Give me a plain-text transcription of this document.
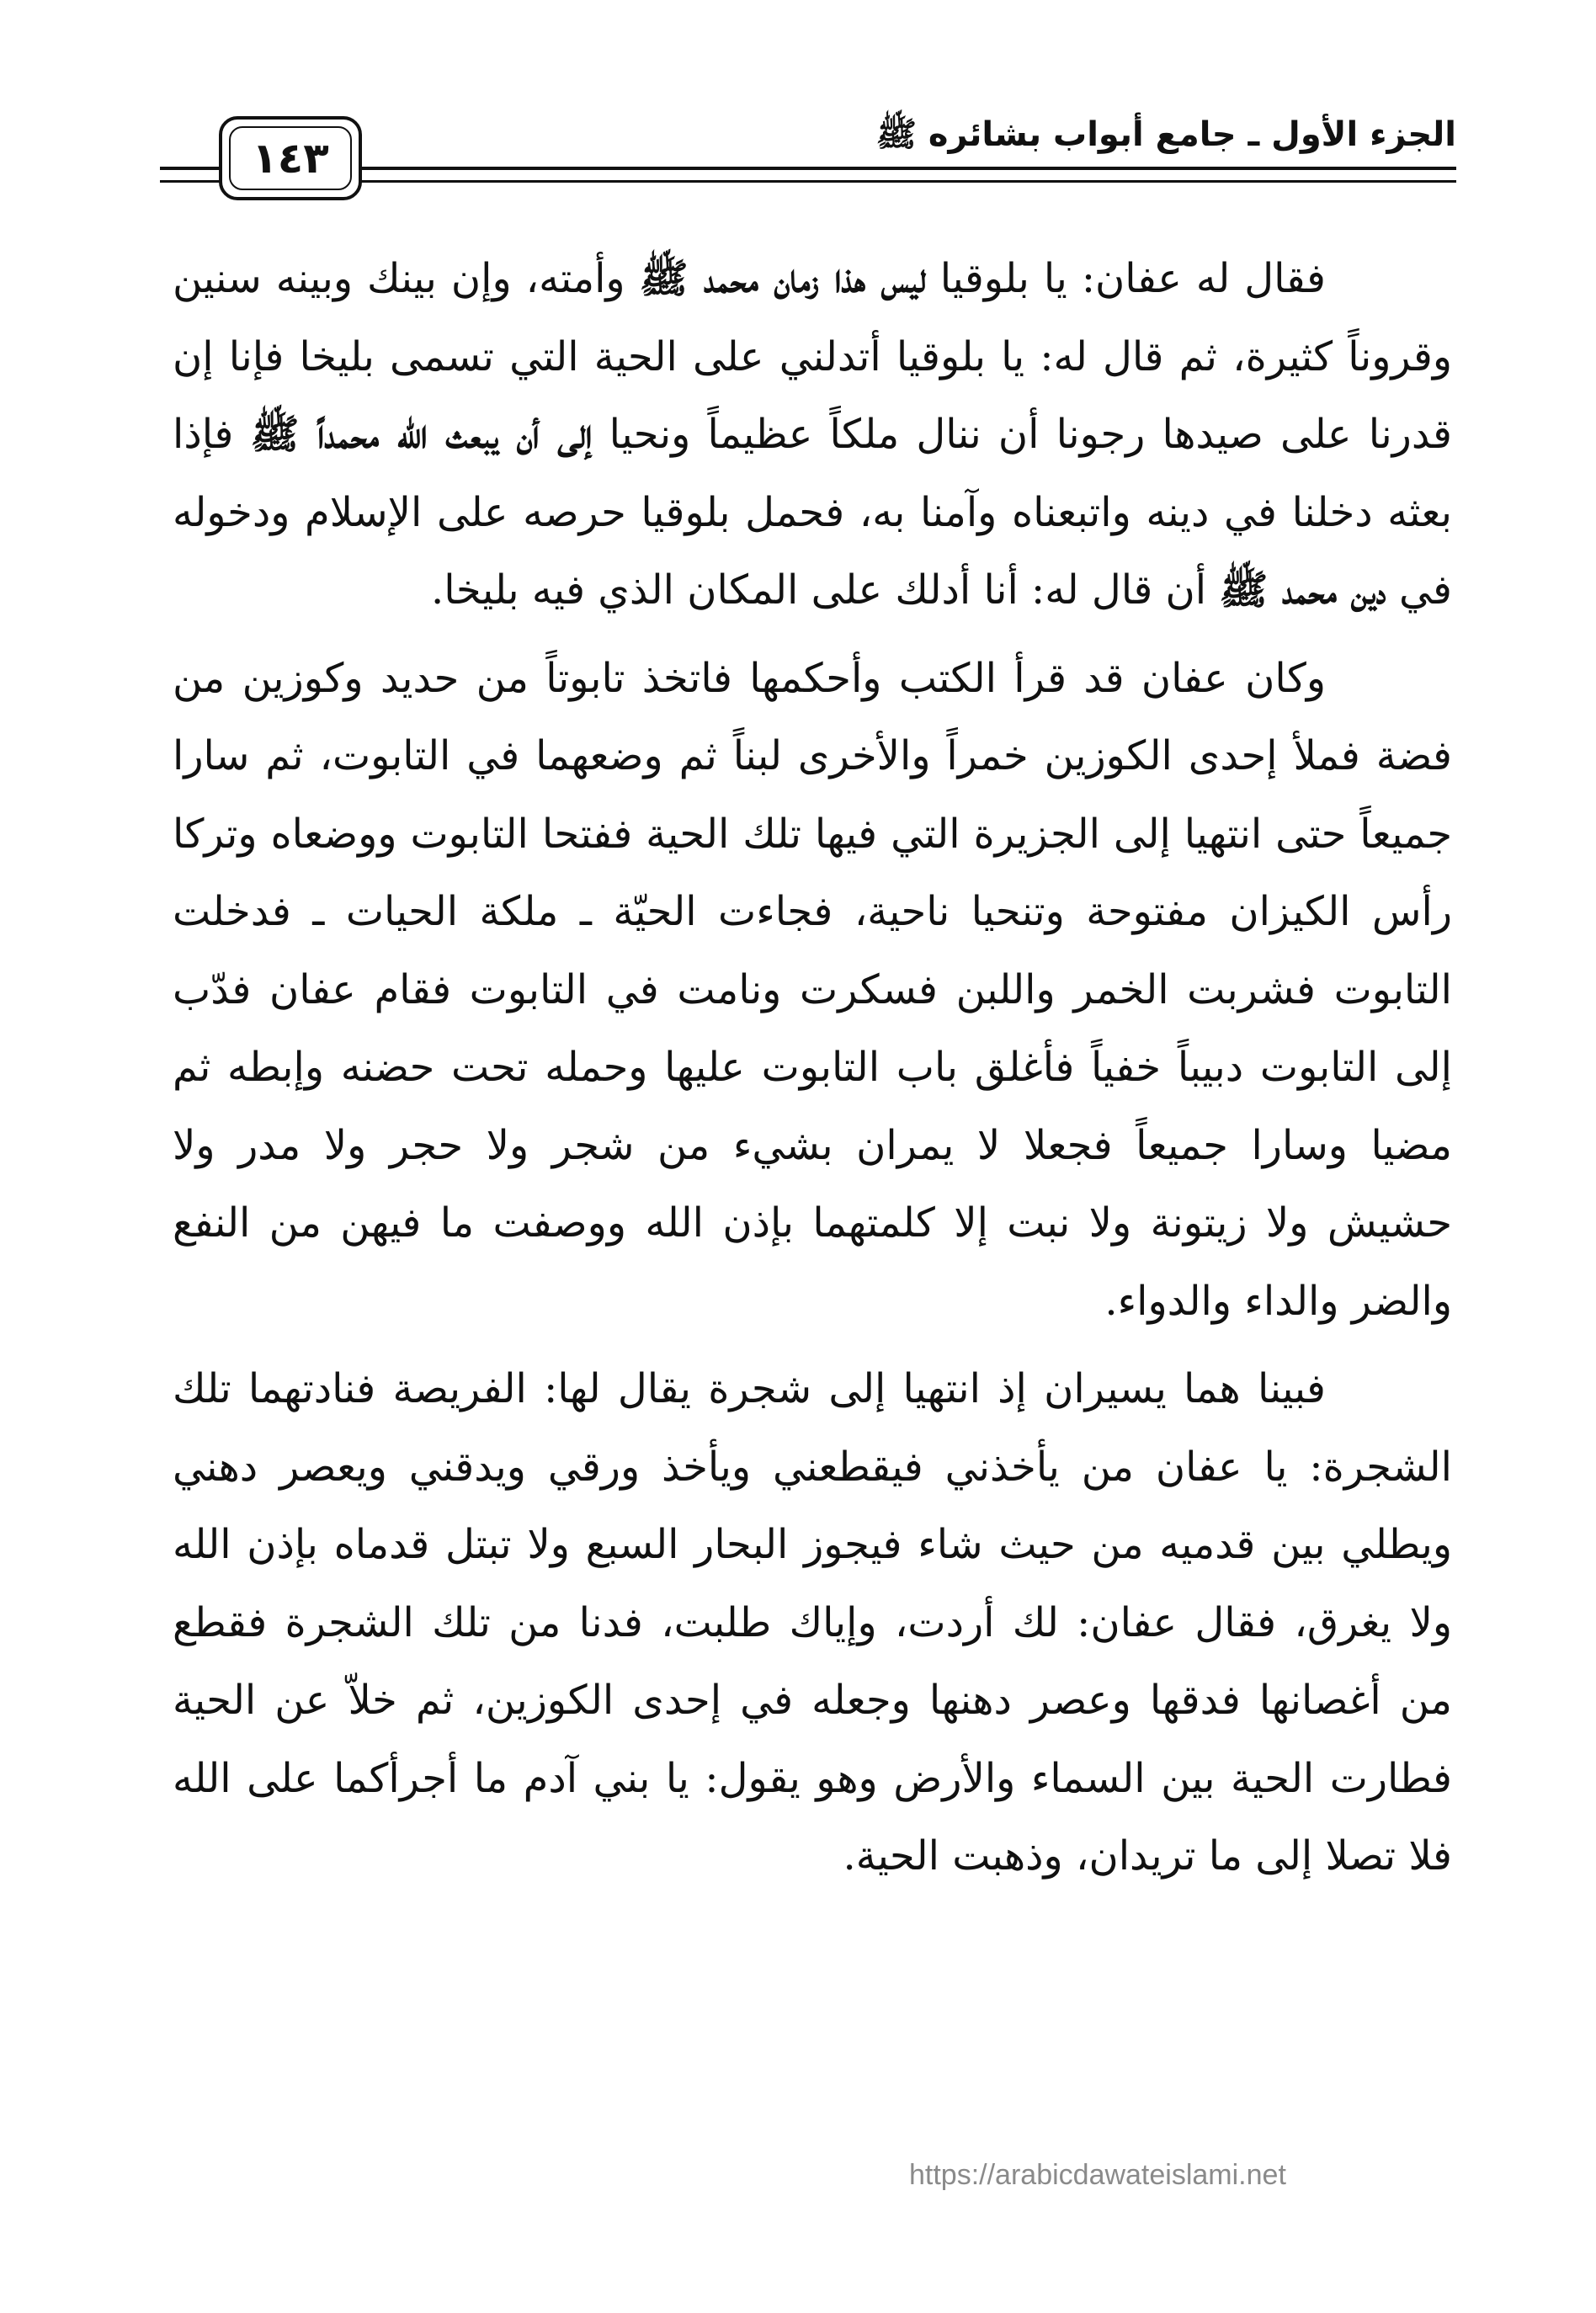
الجزء الأول ـ جامع أبواب بشائره ﷺ
١٤٣

فقال له عفان: يا بلوقيا ليس هذا زمان محمد ﷺ وأمته، وإن بينك وبينه سنين وقروناً كثيرة، ثم قال له: يا بلوقيا أتدلني على الحية التي تسمى بليخا فإنا إن قدرنا على صيدها رجونا أن ننال ملكاً عظيماً ونحيا إلى أن يبعث الله محمداً ﷺ فإذا بعثه دخلنا في دينه واتبعناه وآمنا به، فحمل بلوقيا حرصه على الإسلام ودخوله في دين محمد ﷺ أن قال له: أنا أدلك على المكان الذي فيه بليخا.

وكان عفان قد قرأ الكتب وأحكمها فاتخذ تابوتاً من حديد وكوزين من فضة فملأ إحدى الكوزين خمراً والأخرى لبناً ثم وضعهما في التابوت، ثم سارا جميعاً حتى انتهيا إلى الجزيرة التي فيها تلك الحية ففتحا التابوت ووضعاه وتركا رأس الكيزان مفتوحة وتنحيا ناحية، فجاءت الحيّة ـ ملكة الحيات ـ فدخلت التابوت فشربت الخمر واللبن فسكرت ونامت في التابوت فقام عفان فدّب إلى التابوت دبيباً خفياً فأغلق باب التابوت عليها وحمله تحت حضنه وإبطه ثم مضيا وسارا جميعاً فجعلا لا يمران بشيء من شجر ولا حجر ولا مدر ولا حشيش ولا زيتونة ولا نبت إلا كلمتهما بإذن الله ووصفت ما فيهن من النفع والضر والداء والدواء.

فبينا هما يسيران إذ انتهيا إلى شجرة يقال لها: الفريصة فنادتهما تلك الشجرة: يا عفان من يأخذني فيقطعني ويأخذ ورقي ويدقني ويعصر دهني ويطلي بين قدميه من حيث شاء فيجوز البحار السبع ولا تبتل قدماه بإذن الله ولا يغرق، فقال عفان: لك أردت، وإياك طلبت، فدنا من تلك الشجرة فقطع من أغصانها فدقها وعصر دهنها وجعله في إحدى الكوزين، ثم خلاّ عن الحية فطارت الحية بين السماء والأرض وهو يقول: يا بني آدم ما أجرأكما على الله فلا تصلا إلى ما تريدان، وذهبت الحية.

https://arabicdawateislami.net
